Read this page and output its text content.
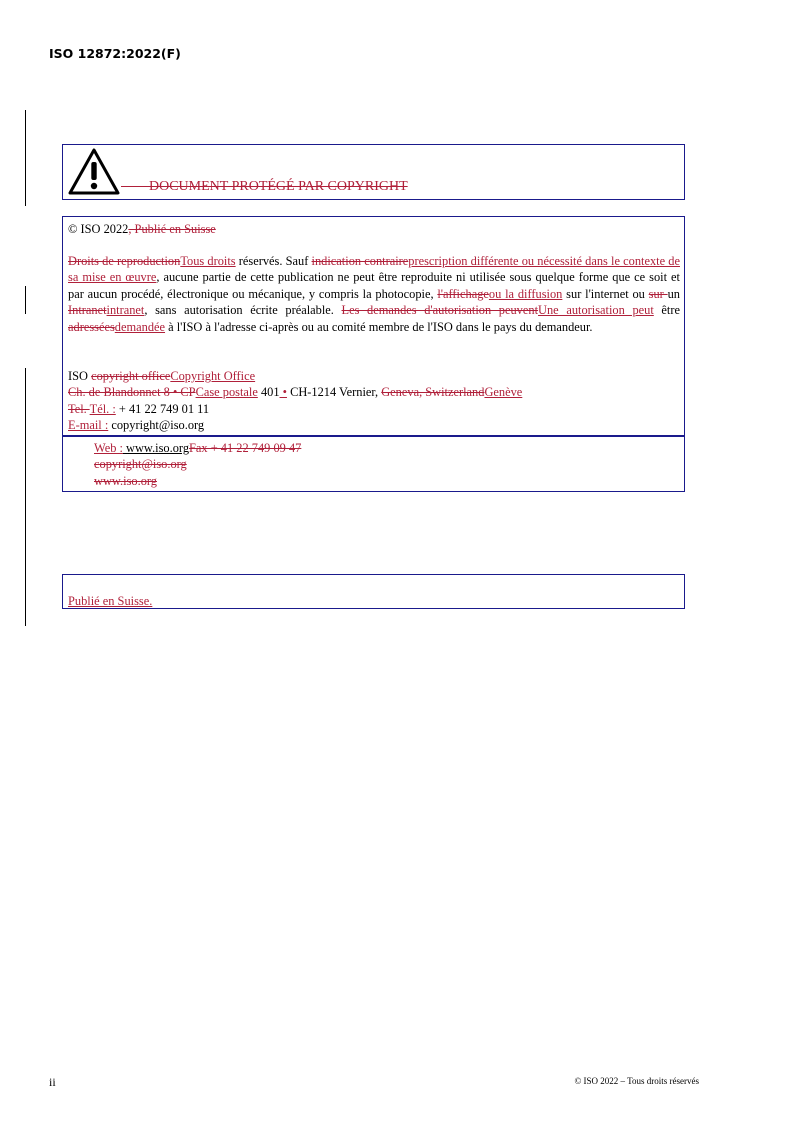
ISO 12872:2022(F)
DOCUMENT PROTÉGÉ PAR COPYRIGHT
© ISO 2022, Publié en Suisse
Droits de reproductionTous droits réservés. Sauf indication contraireprescription différente ou nécessité dans le contexte de sa mise en œuvre, aucune partie de cette publication ne peut être reproduite ni utilisée sous quelque forme que ce soit et par aucun procédé, électronique ou mécanique, y compris la photocopie, l'affichageou la diffusion sur l'internet ou sur un Intranetintranet, sans autorisation écrite préalable. Les demandes d'autorisation peuventUne autorisation peut être adresséesdemandée à l'ISO à l'adresse ci-après ou au comité membre de l'ISO dans le pays du demandeur.
ISO copyright officeCopyright Office
Ch. de Blandonnet 8 • CPCase postale 401 • CH-1214 Vernier, Geneva, SwitzerlandGenève
Tel. Tél. : + 41 22 749 01 11
E-mail : copyright@iso.org
Web : www.iso.orgFax + 41 22 749 09 47
copyright@iso.org
www.iso.org
Publié en Suisse.
ii	© ISO 2022 – Tous droits réservés
